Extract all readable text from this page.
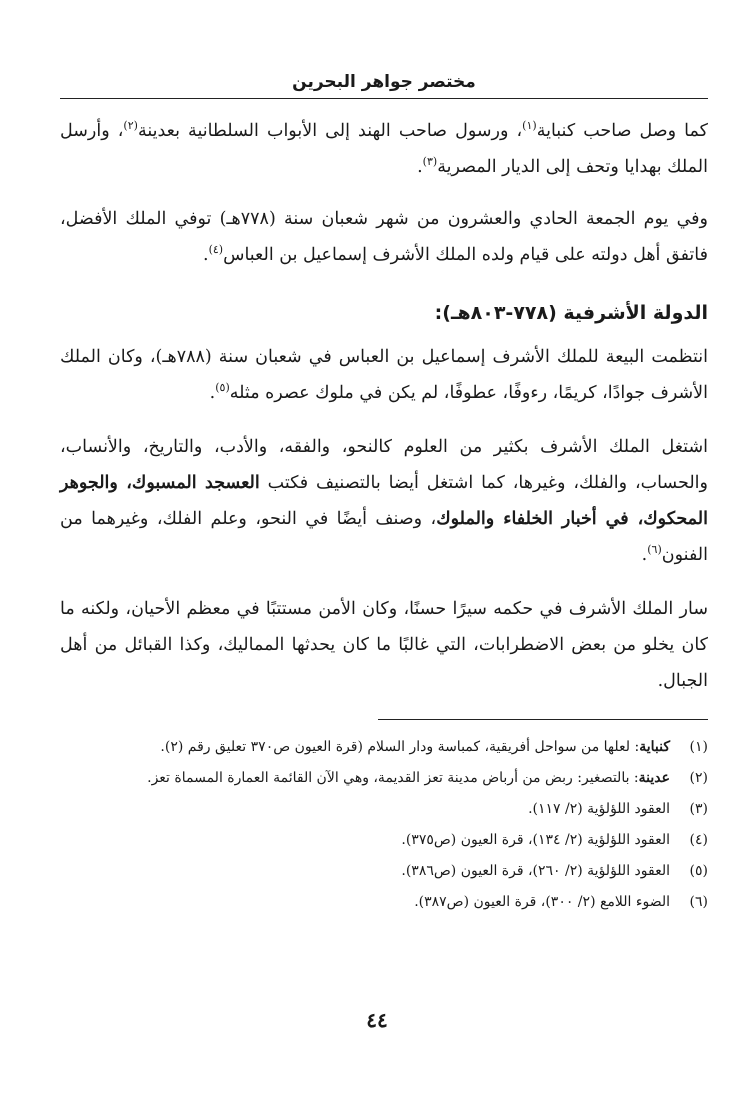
مختصر جواهر البحرين

كما وصل صاحب كنباية$^{(١)}$، ورسول صاحب الهند إلى الأبواب السلطانية بعدينة$^{(٢)}$، وأرسل الملك بهدايا وتحف إلى الديار المصرية$^{(٣)}$.

وفي يوم الجمعة الحادي والعشرون من شهر شعبان سنة (٧٧٨هـ) توفي الملك الأفضل، فاتفق أهل دولته على قيام ولده الملك الأشرف إسماعيل بن العباس$^{(٤)}$.

الدولة الأشرفية (٧٧٨-٨٠٣هـ):

انتظمت البيعة للملك الأشرف إسماعيل بن العباس في شعبان سنة (٧٨٨هـ)، وكان الملك الأشرف جوادًا، كريمًا، رءوفًا، عطوفًا، لم يكن في ملوك عصره مثله$^{(٥)}$.

اشتغل الملك الأشرف بكثير من العلوم كالنحو، والفقه، والأدب، والتاريخ، والأنساب، والحساب، والفلك، وغيرها، كما اشتغل أيضا بالتصنيف فكتب العسجد المسبوك، والجوهر المحكوك، في أخبار الخلفاء والملوك، وصنف أيضًا في النحو، وعلم الفلك، وغيرهما من الفنون$^{(٦)}$.

سار الملك الأشرف في حكمه سيرًا حسنًا، وكان الأمن مستتبًا في معظم الأحيان، ولكنه ما كان يخلو من بعض الاضطرابات، التي غالبًا ما كان يحدثها المماليك، وكذا القبائل من أهل الجبال.

(١)
كنباية: لعلها من سواحل أفريقية، كمباسة ودار السلام (قرة العيون ص٣٧٠ تعليق رقم (٢).
(٢)
عدينة: بالتصغير: ربض من أرباض مدينة تعز القديمة، وهي الآن القائمة العمارة المسماة تعز.
(٣)
العقود اللؤلؤية (٢/ ١١٧).
(٤)
العقود اللؤلؤية (٢/ ١٣٤)، قرة العيون (ص٣٧٥).
(٥)
العقود اللؤلؤية (٢/ ٢٦٠)، قرة العيون (ص٣٨٦).
(٦)
الضوء اللامع (٢/ ٣٠٠)، قرة العيون (ص٣٨٧).
٤٤
